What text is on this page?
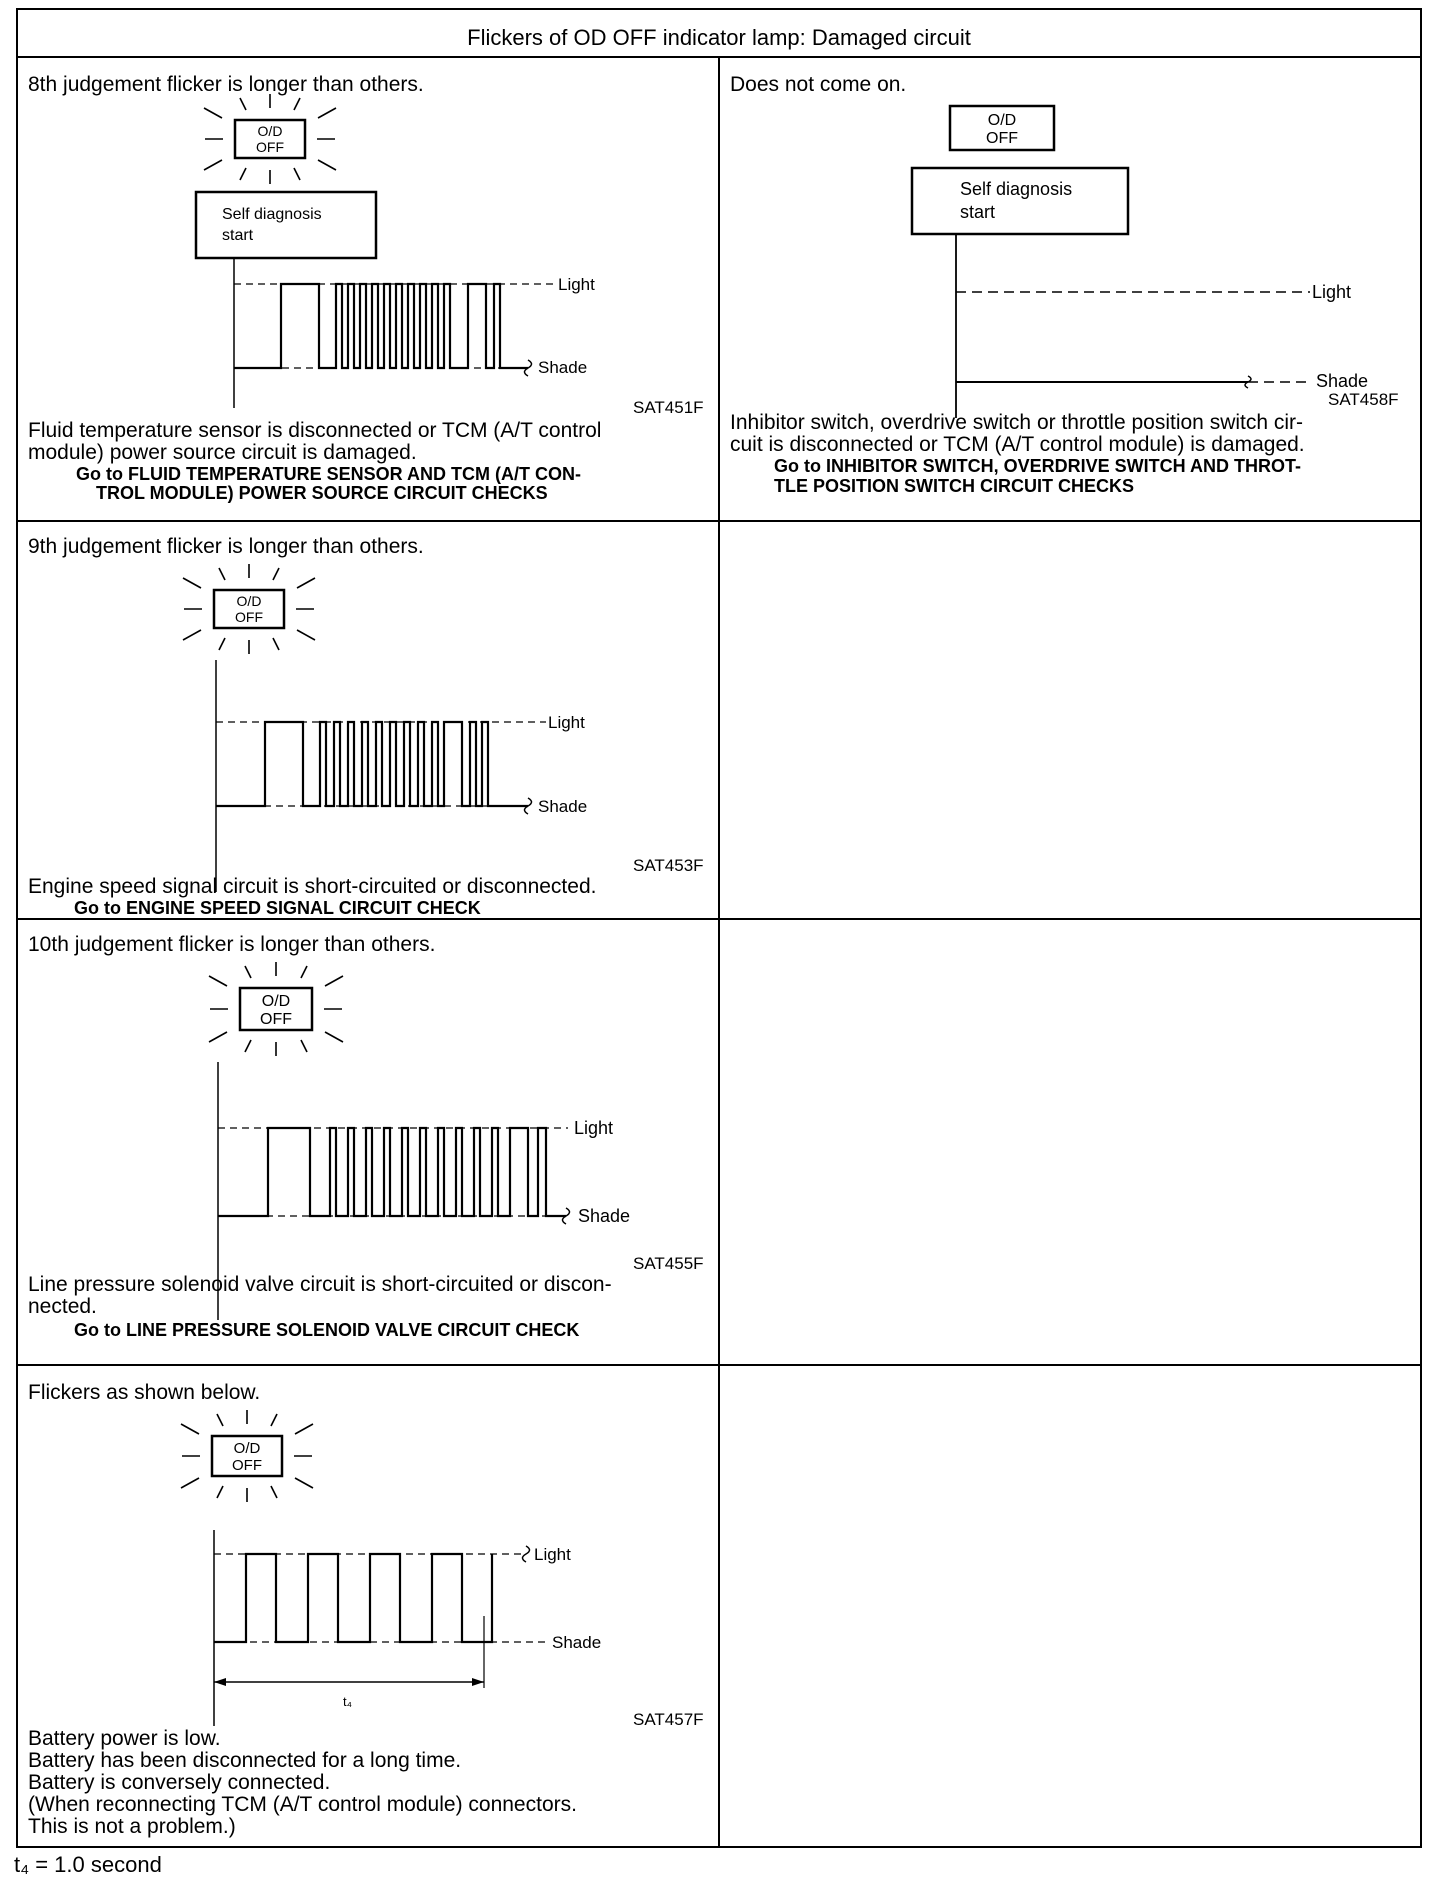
Flickers of OD OFF indicator lamp: Damaged circuit
8th judgement flicker is longer than others.
O/D
OFF
Self diagnosis
start
Light
Shade
SAT451F
Fluid temperature sensor is disconnected or TCM (A/T control
module) power source circuit is damaged.
Go to FLUID TEMPERATURE SENSOR AND TCM (A/T CON-
TROL MODULE) POWER SOURCE CIRCUIT CHECKS
Does not come on.
O/D
OFF
Self diagnosis
start
Light
Shade
SAT458F
Inhibitor switch, overdrive switch or throttle position switch cir-
cuit is disconnected or TCM (A/T control module) is damaged.
Go to INHIBITOR SWITCH, OVERDRIVE SWITCH AND THROT-
TLE POSITION SWITCH CIRCUIT CHECKS
9th judgement flicker is longer than others.
O/D
OFF
Light
Shade
SAT453F
Engine speed signal circuit is short-circuited or disconnected.
Go to ENGINE SPEED SIGNAL CIRCUIT CHECK
10th judgement flicker is longer than others.
O/D
OFF
Light
Shade
SAT455F
Line pressure solenoid valve circuit is short-circuited or discon-
nected.
Go to LINE PRESSURE SOLENOID VALVE CIRCUIT CHECK
Flickers as shown below.
O/D
OFF
t₄
Light
Shade
SAT457F
Battery power is low.
Battery has been disconnected for a long time.
Battery is conversely connected.
(When reconnecting TCM (A/T control module) connectors.
This is not a problem.)
t₄ = 1.0 second
